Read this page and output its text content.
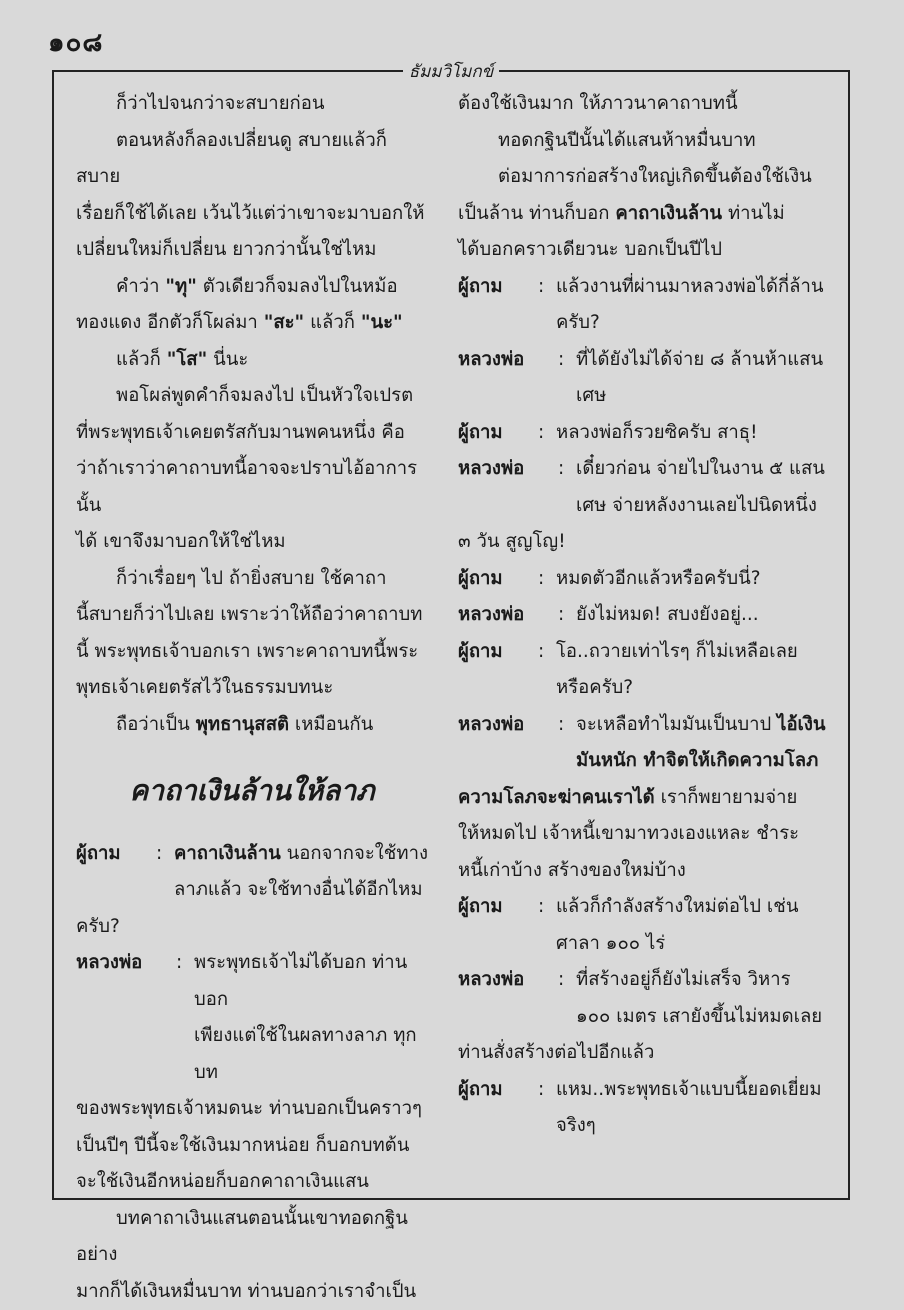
๑๐๘
ธัมมวิโมกข์

ก็ว่าไปจนกว่าจะสบายก่อน

ตอนหลังก็ลองเปลี่ยนดู สบายแล้วก็สบาย

เรื่อยก็ใช้ได้เลย เว้นไว้แต่ว่าเขาจะมาบอกให้

เปลี่ยนใหม่ก็เปลี่ยน ยาวกว่านั้นใช่ไหม

คำว่า "ทุ" ตัวเดียวก็จมลงไปในหม้อ

ทองแดง อีกตัวก็โผล่มา "สะ" แล้วก็ "นะ"

แล้วก็ "โส" นี่นะ

พอโผล่พูดคำก็จมลงไป เป็นหัวใจเปรต

ที่พระพุทธเจ้าเคยตรัสกับมานพคนหนึ่ง คือ

ว่าถ้าเราว่าคาถาบทนี้อาจจะปราบไอ้อาการนั้น

ได้ เขาจึงมาบอกให้ใช่ไหม

ก็ว่าเรื่อยๆ ไป ถ้ายิ่งสบาย ใช้คาถา

นี้สบายก็ว่าไปเลย เพราะว่าให้ถือว่าคาถาบท

นี้ พระพุทธเจ้าบอกเรา เพราะคาถาบทนี้พระ

พุทธเจ้าเคยตรัสไว้ในธรรมบทนะ

ถือว่าเป็น พุทธานุสสติ เหมือนกัน

คาถาเงินล้านให้ลาภ
ผู้ถาม	: คาถาเงินล้าน นอกจากจะใช้ทาง
ลาภแล้ว จะใช้ทางอื่นได้อีกไหม

ครับ?

หลวงพ่อ	: พระพุทธเจ้าไม่ได้บอก ท่านบอก
เพียงแต่ใช้ในผลทางลาภ ทุกบท

ของพระพุทธเจ้าหมดนะ ท่านบอกเป็นคราวๆ

เป็นปีๆ ปีนี้จะใช้เงินมากหน่อย ก็บอกบทต้น

จะใช้เงินอีกหน่อยก็บอกคาถาเงินแสน

บทคาถาเงินแสนตอนนั้นเขาทอดกฐิน อย่าง

มากก็ได้เงินหมื่นบาท ท่านบอกว่าเราจำเป็น

ต้องใช้เงินมาก ให้ภาวนาคาถาบทนี้

ทอดกฐินปีนั้นได้แสนห้าหมื่นบาท

ต่อมาการก่อสร้างใหญ่เกิดขึ้นต้องใช้เงิน

เป็นล้าน ท่านก็บอก คาถาเงินล้าน ท่านไม่

ได้บอกคราวเดียวนะ บอกเป็นปีไป

ผู้ถาม	: แล้วงานที่ผ่านมาหลวงพ่อได้กี่ล้านครับ?
หลวงพ่อ	: ที่ได้ยังไม่ได้จ่าย ๘ ล้านห้าแสนเศษ
ผู้ถาม	: หลวงพ่อก็รวยซิครับ สาธุ!
หลวงพ่อ	: เดี๋ยวก่อน จ่ายไปในงาน ๕ แสน
เศษ จ่ายหลังงานเลยไปนิดหนึ่ง

๓ วัน สูญโญ!

ผู้ถาม	: หมดตัวอีกแล้วหรือครับนี่?
หลวงพ่อ	: ยังไม่หมด! สบงยังอยู่...
ผู้ถาม	: โอ..ถวายเท่าไรๆ ก็ไม่เหลือเลยหรือครับ?
หลวงพ่อ	: จะเหลือทำไมมันเป็นบาป ไอ้เงิน
มันหนัก ทำจิตให้เกิดความโลภ

ความโลภจะฆ่าคนเราได้ เราก็พยายามจ่าย

ให้หมดไป เจ้าหนี้เขามาทวงเองแหละ ชำระ

หนี้เก่าบ้าง สร้างของใหม่บ้าง

ผู้ถาม	: แล้วก็กำลังสร้างใหม่ต่อไป เช่นศาลา ๑๐๐ ไร่
หลวงพ่อ	: ที่สร้างอยู่ก็ยังไม่เสร็จ วิหาร ๑๐๐ เมตร เสายังขึ้นไม่หมดเลย

ท่านสั่งสร้างต่อไปอีกแล้ว

ผู้ถาม	: แหม..พระพุทธเจ้าแบบนี้ยอดเยี่ยมจริงๆ
